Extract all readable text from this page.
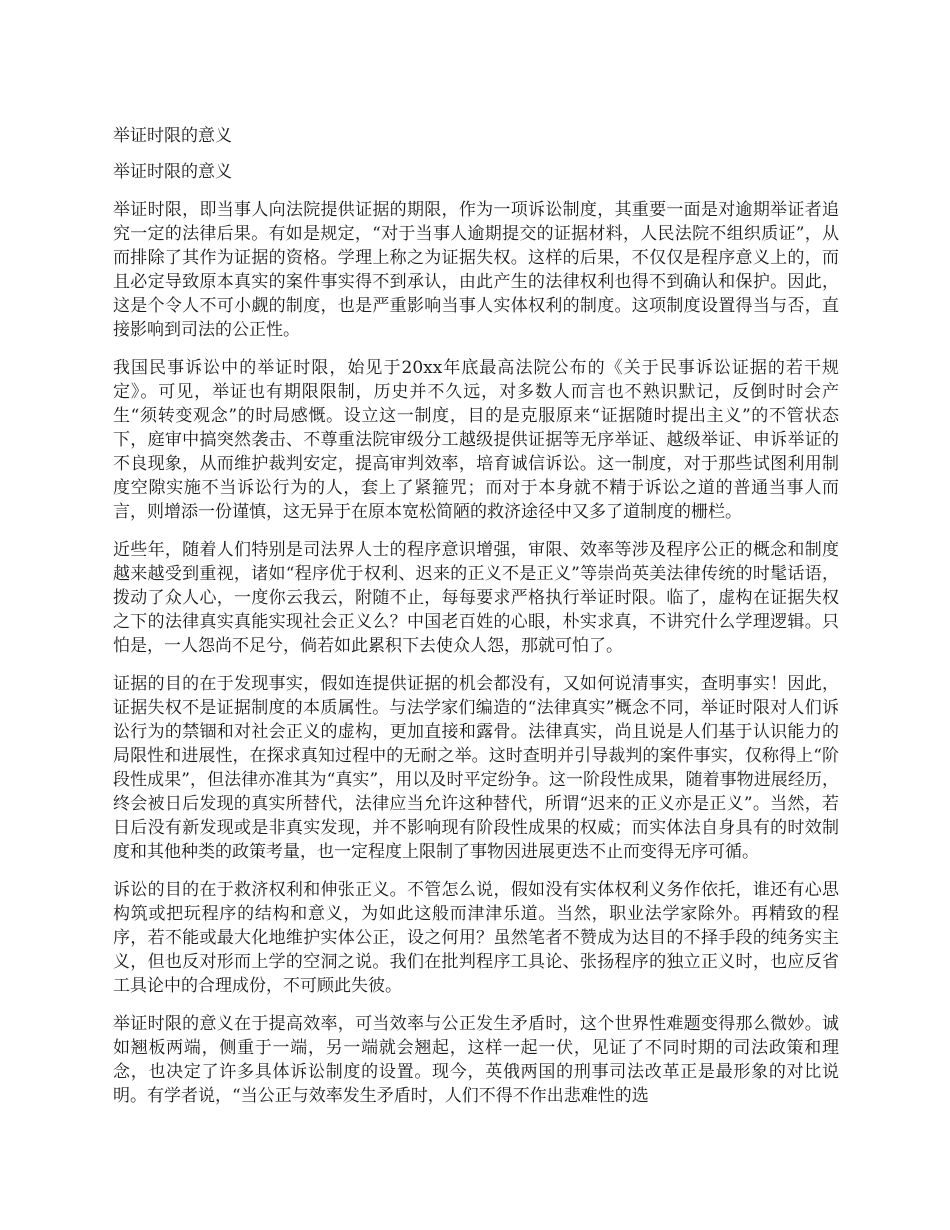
举证时限的意义

举证时限的意义

举证时限，即当事人向法院提供证据的期限，作为一项诉讼制度，其重要一面是对逾期举证者追究一定的法律后果。有如是规定，“对于当事人逾期提交的证据材料，人民法院不组织质证”，从而排除了其作为证据的资格。学理上称之为证据失权。这样的后果，不仅仅是程序意义上的，而且必定导致原本真实的案件事实得不到承认，由此产生的法律权利也得不到确认和保护。因此，这是个令人不可小觑的制度，也是严重影响当事人实体权利的制度。这项制度设置得当与否，直接影响到司法的公正性。

我国民事诉讼中的举证时限，始见于20xx年底最高法院公布的《关于民事诉讼证据的若干规定》。可见，举证也有期限限制，历史并不久远，对多数人而言也不熟识默记，反倒时时会产生“须转变观念”的时局感慨。设立这一制度，目的是克服原来“证据随时提出主义”的不管状态下，庭审中搞突然袭击、不尊重法院审级分工越级提供证据等无序举证、越级举证、申诉举证的不良现象，从而维护裁判安定，提高审判效率，培育诚信诉讼。这一制度，对于那些试图利用制度空隙实施不当诉讼行为的人，套上了紧箍咒；而对于本身就不精于诉讼之道的普通当事人而言，则增添一份谨慎，这无异于在原本宽松简陋的救济途径中又多了道制度的栅栏。

近些年，随着人们特别是司法界人士的程序意识增强，审限、效率等涉及程序公正的概念和制度越来越受到重视，诸如“程序优于权利、迟来的正义不是正义”等崇尚英美法律传统的时髦话语，拨动了众人心，一度你云我云，附随不止，每每要求严格执行举证时限。临了，虚构在证据失权之下的法律真实真能实现社会正义么？中国老百姓的心眼，朴实求真，不讲究什么学理逻辑。只怕是，一人怨尚不足兮，倘若如此累积下去使众人怨，那就可怕了。

证据的目的在于发现事实，假如连提供证据的机会都没有，又如何说清事实，查明事实！因此，证据失权不是证据制度的本质属性。与法学家们编造的“法律真实”概念不同，举证时限对人们诉讼行为的禁锢和对社会正义的虚构，更加直接和露骨。法律真实，尚且说是人们基于认识能力的局限性和进展性，在探求真知过程中的无耐之举。这时查明并引导裁判的案件事实，仅称得上“阶段性成果”，但法律亦准其为“真实”，用以及时平定纷争。这一阶段性成果，随着事物进展经历，终会被日后发现的真实所替代，法律应当允许这种替代，所谓“迟来的正义亦是正义”。当然，若日后没有新发现或是非真实发现，并不影响现有阶段性成果的权威；而实体法自身具有的时效制度和其他种类的政策考量，也一定程度上限制了事物因进展更迭不止而变得无序可循。

诉讼的目的在于救济权利和伸张正义。不管怎么说，假如没有实体权利义务作依托，谁还有心思构筑或把玩程序的结构和意义，为如此这般而津津乐道。当然，职业法学家除外。再精致的程序，若不能或最大化地维护实体公正，设之何用？虽然笔者不赞成为达目的不择手段的纯务实主义，但也反对形而上学的空洞之说。我们在批判程序工具论、张扬程序的独立正义时，也应反省工具论中的合理成份，不可顾此失彼。

举证时限的意义在于提高效率，可当效率与公正发生矛盾时，这个世界性难题变得那么微妙。诚如翘板两端，侧重于一端，另一端就会翘起，这样一起一伏，见证了不同时期的司法政策和理念，也决定了许多具体诉讼制度的设置。现今，英俄两国的刑事司法改革正是最形象的对比说明。有学者说，“当公正与效率发生矛盾时，人们不得不作出悲难性的选
